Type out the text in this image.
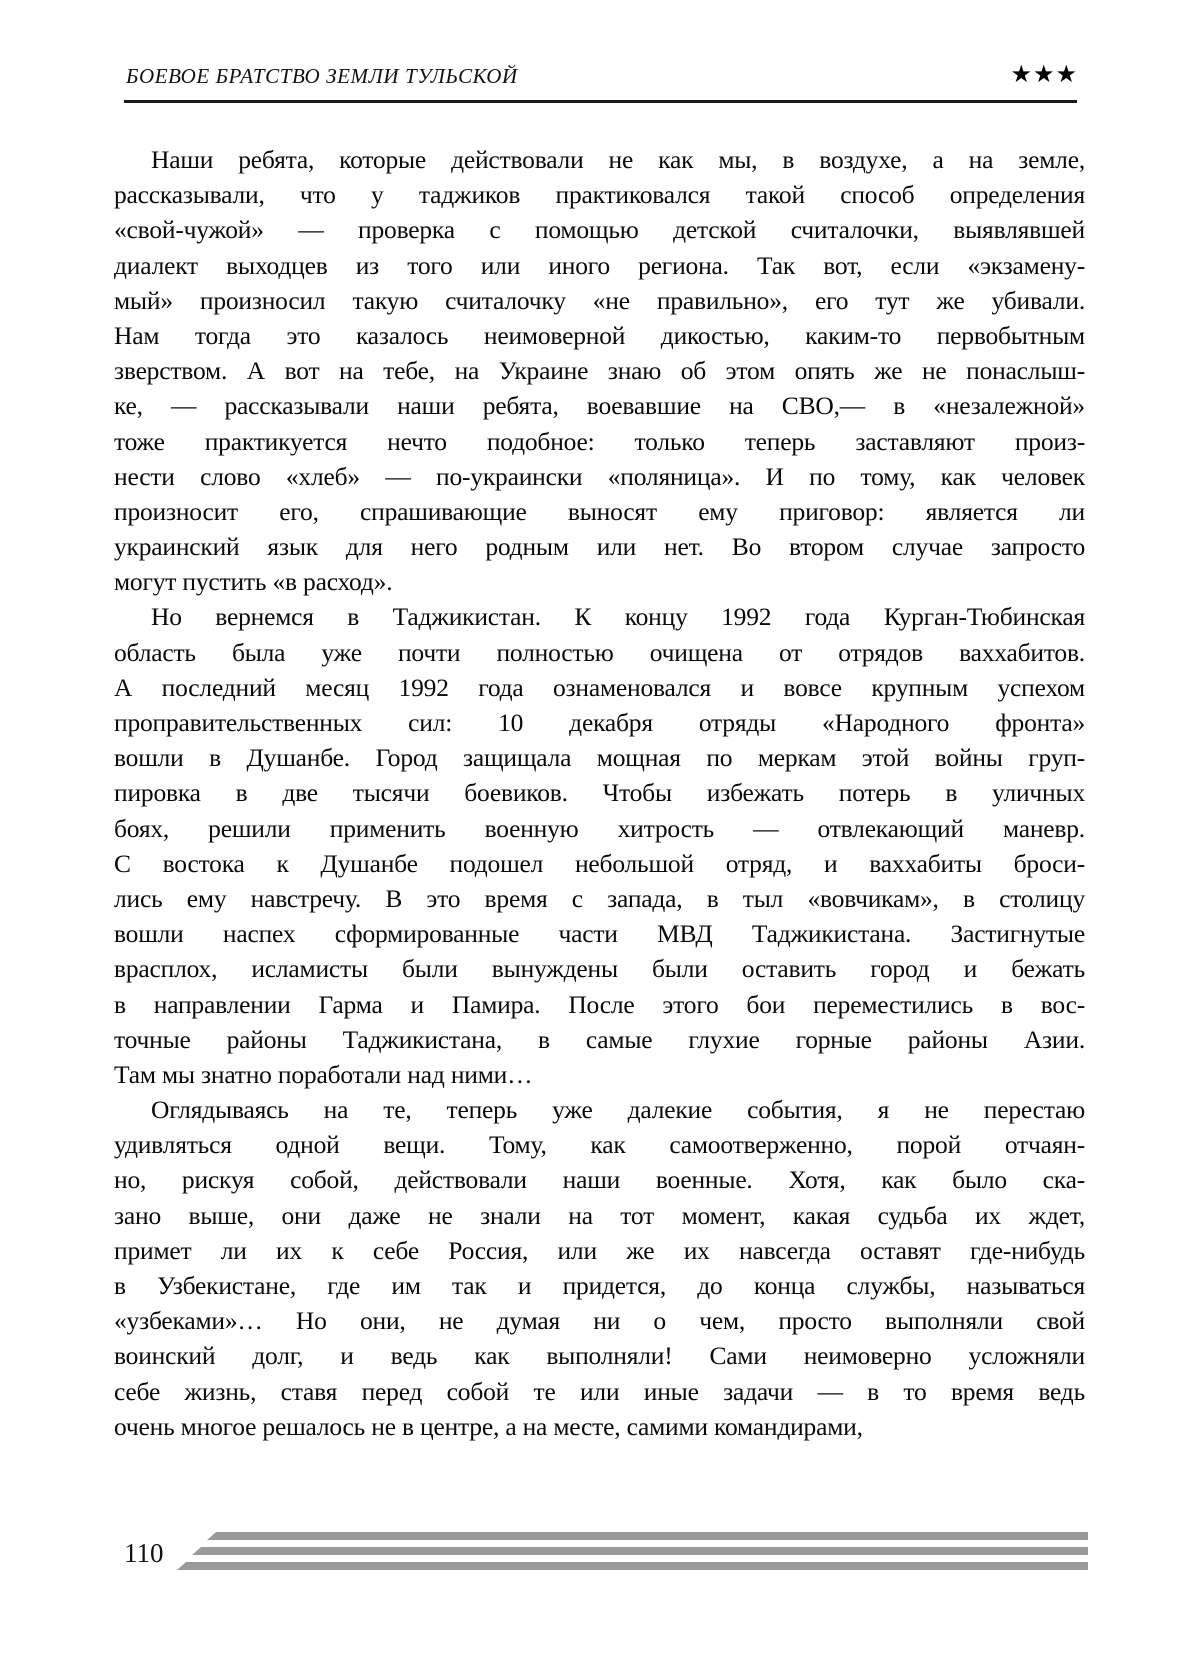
БОЕВОЕ БРАТСТВО ЗЕМЛИ ТУЛЬСКОЙ	★★★
Наши ребята, которые действовали не как мы, в воздухе, а на земле,
рассказывали, что у таджиков практиковался такой способ определения
«свой-чужой» — проверка с помощью детской считалочки, выявлявшей
диалект выходцев из того или иного региона. Так вот, если «экзамену-
мый» произносил такую считалочку «не правильно», его тут же убивали.
Нам тогда это казалось неимоверной дикостью, каким-то первобытным
зверством. А вот на тебе, на Украине знаю об этом опять же не понаслыш-
ке, — рассказывали наши ребята, воевавшие на СВО,— в «незалежной»
тоже практикуется нечто подобное: только теперь заставляют произ-
нести слово «хлеб» — по-украински «поляница». И по тому, как человек
произносит его, спрашивающие выносят ему приговор: является ли
украинский язык для него родным или нет. Во втором случае запросто
могут пустить «в расход».
Но вернемся в Таджикистан. К концу 1992 года Курган-Тюбинская
область была уже почти полностью очищена от отрядов ваххабитов.
А последний месяц 1992 года ознаменовался и вовсе крупным успехом
проправительственных сил: 10 декабря отряды «Народного фронта»
вошли в Душанбе. Город защищала мощная по меркам этой войны груп-
пировка в две тысячи боевиков. Чтобы избежать потерь в уличных
боях, решили применить военную хитрость — отвлекающий маневр.
С востока к Душанбе подошел небольшой отряд, и ваххабиты броси-
лись ему навстречу. В это время с запада, в тыл «вовчикам», в столицу
вошли наспех сформированные части МВД Таджикистана. Застигнутые
врасплох, исламисты были вынуждены были оставить город и бежать
в направлении Гарма и Памира. После этого бои переместились в вос-
точные районы Таджикистана, в самые глухие горные районы Азии.
Там мы знатно поработали над ними…
Оглядываясь на те, теперь уже далекие события, я не перестаю
удивляться одной вещи. Тому, как самоотверженно, порой отчаян-
но, рискуя собой, действовали наши военные. Хотя, как было ска-
зано выше, они даже не знали на тот момент, какая судьба их ждет,
примет ли их к себе Россия, или же их навсегда оставят где-нибудь
в Узбекистане, где им так и придется, до конца службы, называться
«узбеками»… Но они, не думая ни о чем, просто выполняли свой
воинский долг, и ведь как выполняли! Сами неимоверно усложняли
себе жизнь, ставя перед собой те или иные задачи — в то время ведь
очень многое решалось не в центре, а на месте, самими командирами,
110
